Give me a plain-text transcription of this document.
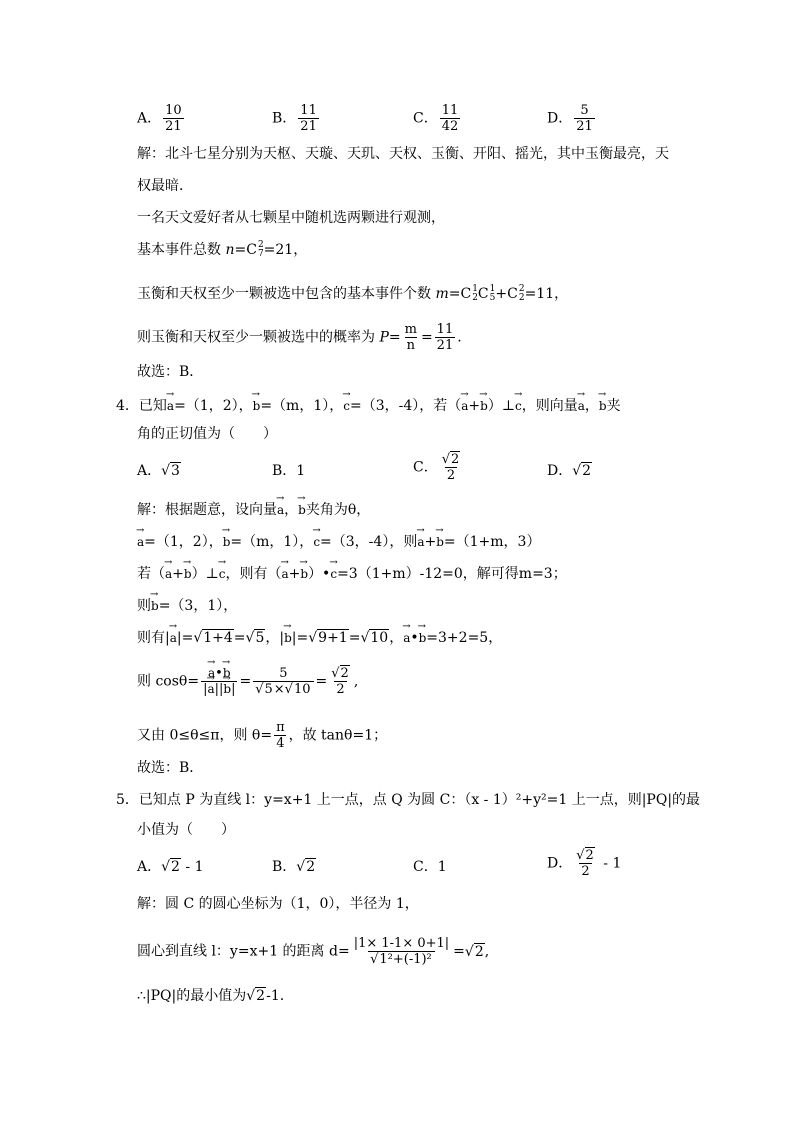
A． $\frac{10}{21}$	B． $\frac{11}{21}$	C． $\frac{11}{42}$	D． $\frac{5}{21}$
解：北斗七星分别为天枢、天璇、天玑、天权、玉衡、开阳、摇光，其中玉衡最亮，天
权最暗．
一名天文爱好者从七颗星中随机选两颗进行观测，
基本事件总数 n=C 2
7 =21，
玉衡和天权至少一颗被选中包含的基本事件个数 m=C 1
2 C 1
5 +C 2
2 =11，
则玉衡和天权至少一颗被选中的概率为 $P= \frac{m}{n} = \frac{11}{21}$ .
故选：B．
4．已知→ a=（1，2），→ b=（m，1），→ c=（3，-4），若（→ a+→ b）⊥→ c，则向量→ a，→ b夹
角的正切值为（　　）
A．√3	B．1	C． $\frac{√2}{2}$	D．√2
解：根据题意，设向量→ a，→ b夹角为θ，
→ a=（1，2），→ b=（m，1），→ c=（3，-4），则→ a+→ b=（1+m，3）
若（→ a+→ b）⊥→ c，则有（→ a+→ b）•→ c=3（1+m）-12=0，解可得m=3；
则→ b=（3，1），
则有|→ a|=√1+4=√5，|→ b|=√9+1=√10，→ a•→ b=3+2=5，
则 cosθ=
→ $\frac{a•\to b}{|\to a||\to b|} = \frac{5}{√5\times√10} = \frac{√2}{2}$ ,
又由 0≤θ≤π，则 $\theta= \frac{\pi}{4}$ ，故 tanθ=1；
故选：B．
5．已知点 P 为直线 l：y=x+1 上一点，点 Q 为圆 C：（x - 1）²+y²=1 上一点，则|PQ|的最
小值为（　　）
A．√2 - 1	B．√2	C．1	D． $\frac{√2}{2} - 1$
解：圆 C 的圆心坐标为（1，0），半径为 1，
圆心到直线 l：y=x+1 的距离 $d= \frac{|1\times 1-1\times 0+1|}{\text{√1²+(-1)²}} =√2$,
∴|PQ|的最小值为√2-1.
